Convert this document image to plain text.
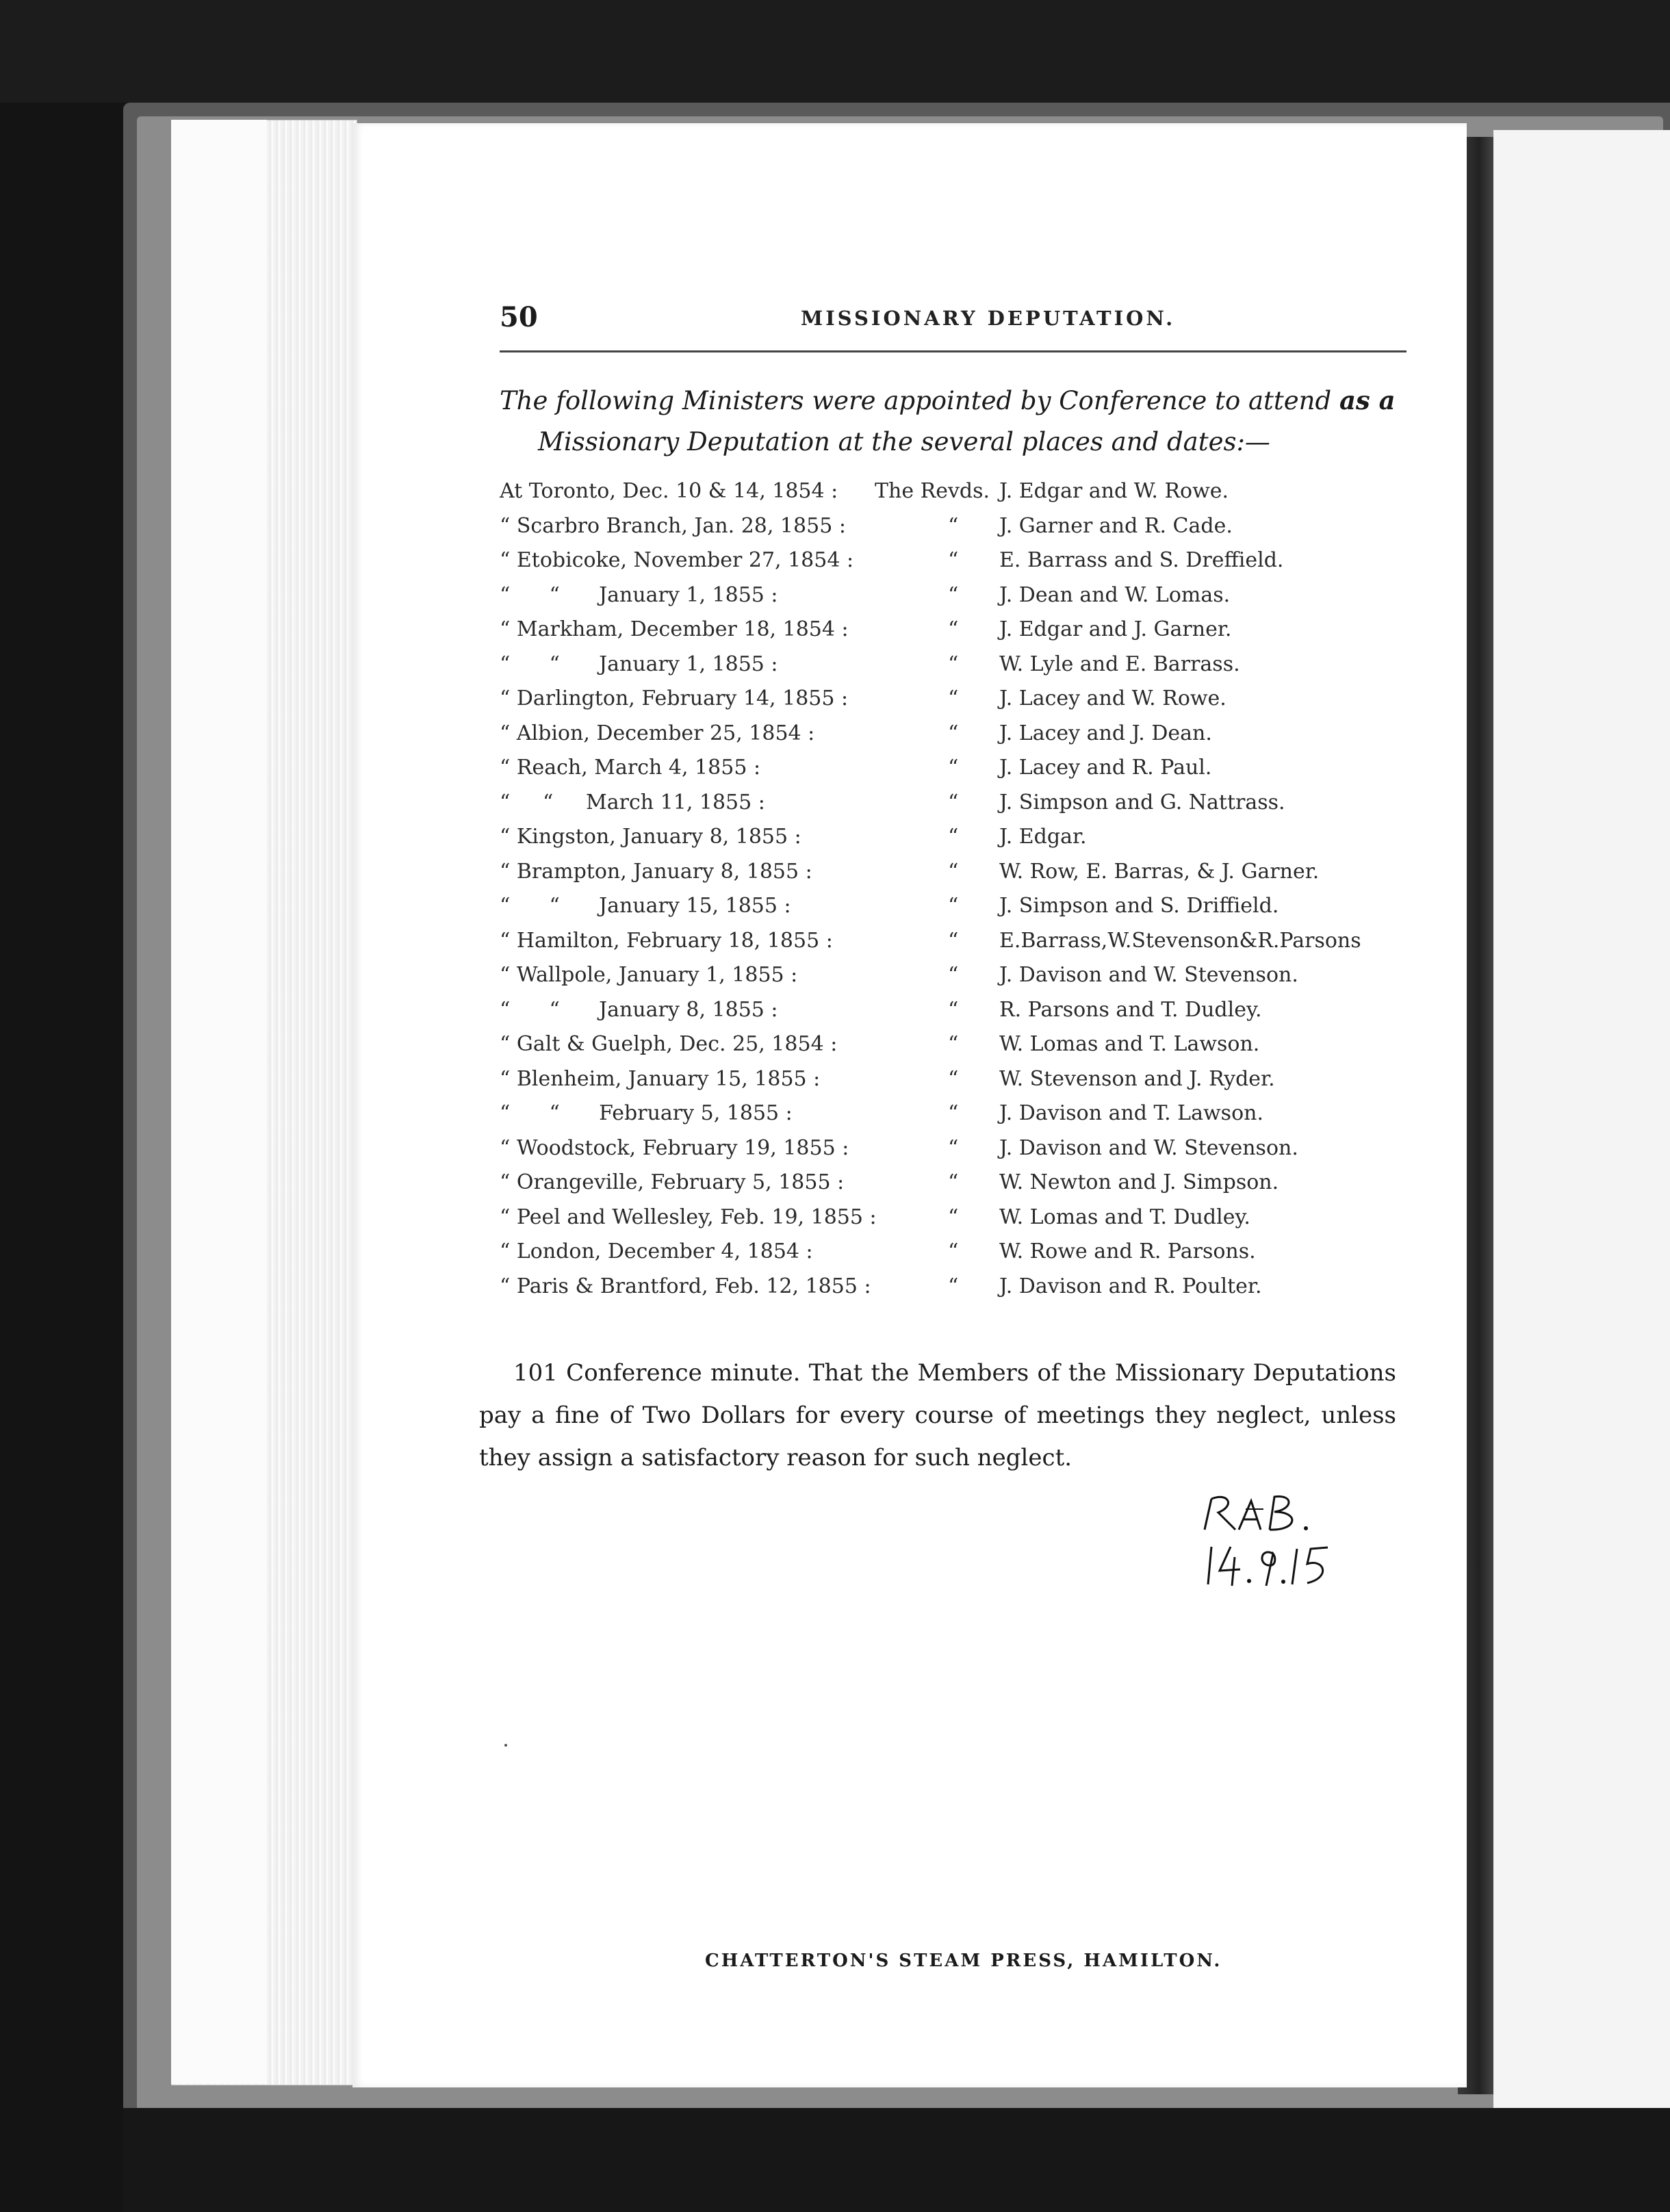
50	MISSIONARY DEPUTATION.
The following Ministers were appointed by Conference to attend as a
Missionary Deputation at the several places and dates:—
At Toronto, Dec. 10 & 14, 1854 : The Revds. J. Edgar and W. Rowe.
“ Scarbro Branch, Jan. 28, 1855 :	“ J. Garner and R. Cade.
“ Etobicoke, November 27, 1854 :	“ E. Barrass and S. Dreffield.
“      “      January 1, 1855 :	“ J. Dean and W. Lomas.
“ Markham, December 18, 1854 :	“ J. Edgar and J. Garner.
“      “      January 1, 1855 :	“ W. Lyle and E. Barrass.
“ Darlington, February 14, 1855 :	“ J. Lacey and W. Rowe.
“ Albion, December 25, 1854 :	“ J. Lacey and J. Dean.
“ Reach, March 4, 1855 :	“ J. Lacey and R. Paul.
“     “     March 11, 1855 :	“ J. Simpson and G. Nattrass.
“ Kingston, January 8, 1855 :	“ J. Edgar.
“ Brampton, January 8, 1855 :	“ W. Row, E. Barras, & J. Garner.
“      “      January 15, 1855 :	“ J. Simpson and S. Driffield.
“ Hamilton, February 18, 1855 :	“ E.Barrass,W.Stevenson&R.Parsons
“ Wallpole, January 1, 1855 :	“ J. Davison and W. Stevenson.
“      “      January 8, 1855 :	“ R. Parsons and T. Dudley.
“ Galt & Guelph, Dec. 25, 1854 :	“ W. Lomas and T. Lawson.
“ Blenheim, January 15, 1855 :	“ W. Stevenson and J. Ryder.
“      “      February 5, 1855 :	“ J. Davison and T. Lawson.
“ Woodstock, February 19, 1855 :	“ J. Davison and W. Stevenson.
“ Orangeville, February 5, 1855 :	“ W. Newton and J. Simpson.
“ Peel and Wellesley, Feb. 19, 1855 :	“ W. Lomas and T. Dudley.
“ London, December 4, 1854 :	“ W. Rowe and R. Parsons.
“ Paris & Brantford, Feb. 12, 1855 :	“ J. Davison and R. Poulter.

101 Conference minute. That the Members of the Missionary Deputations pay a fine of Two Dollars for every course of meetings they neglect, unless they assign a satisfactory reason for such neglect.

CHATTERTON'S STEAM PRESS, HAMILTON.
